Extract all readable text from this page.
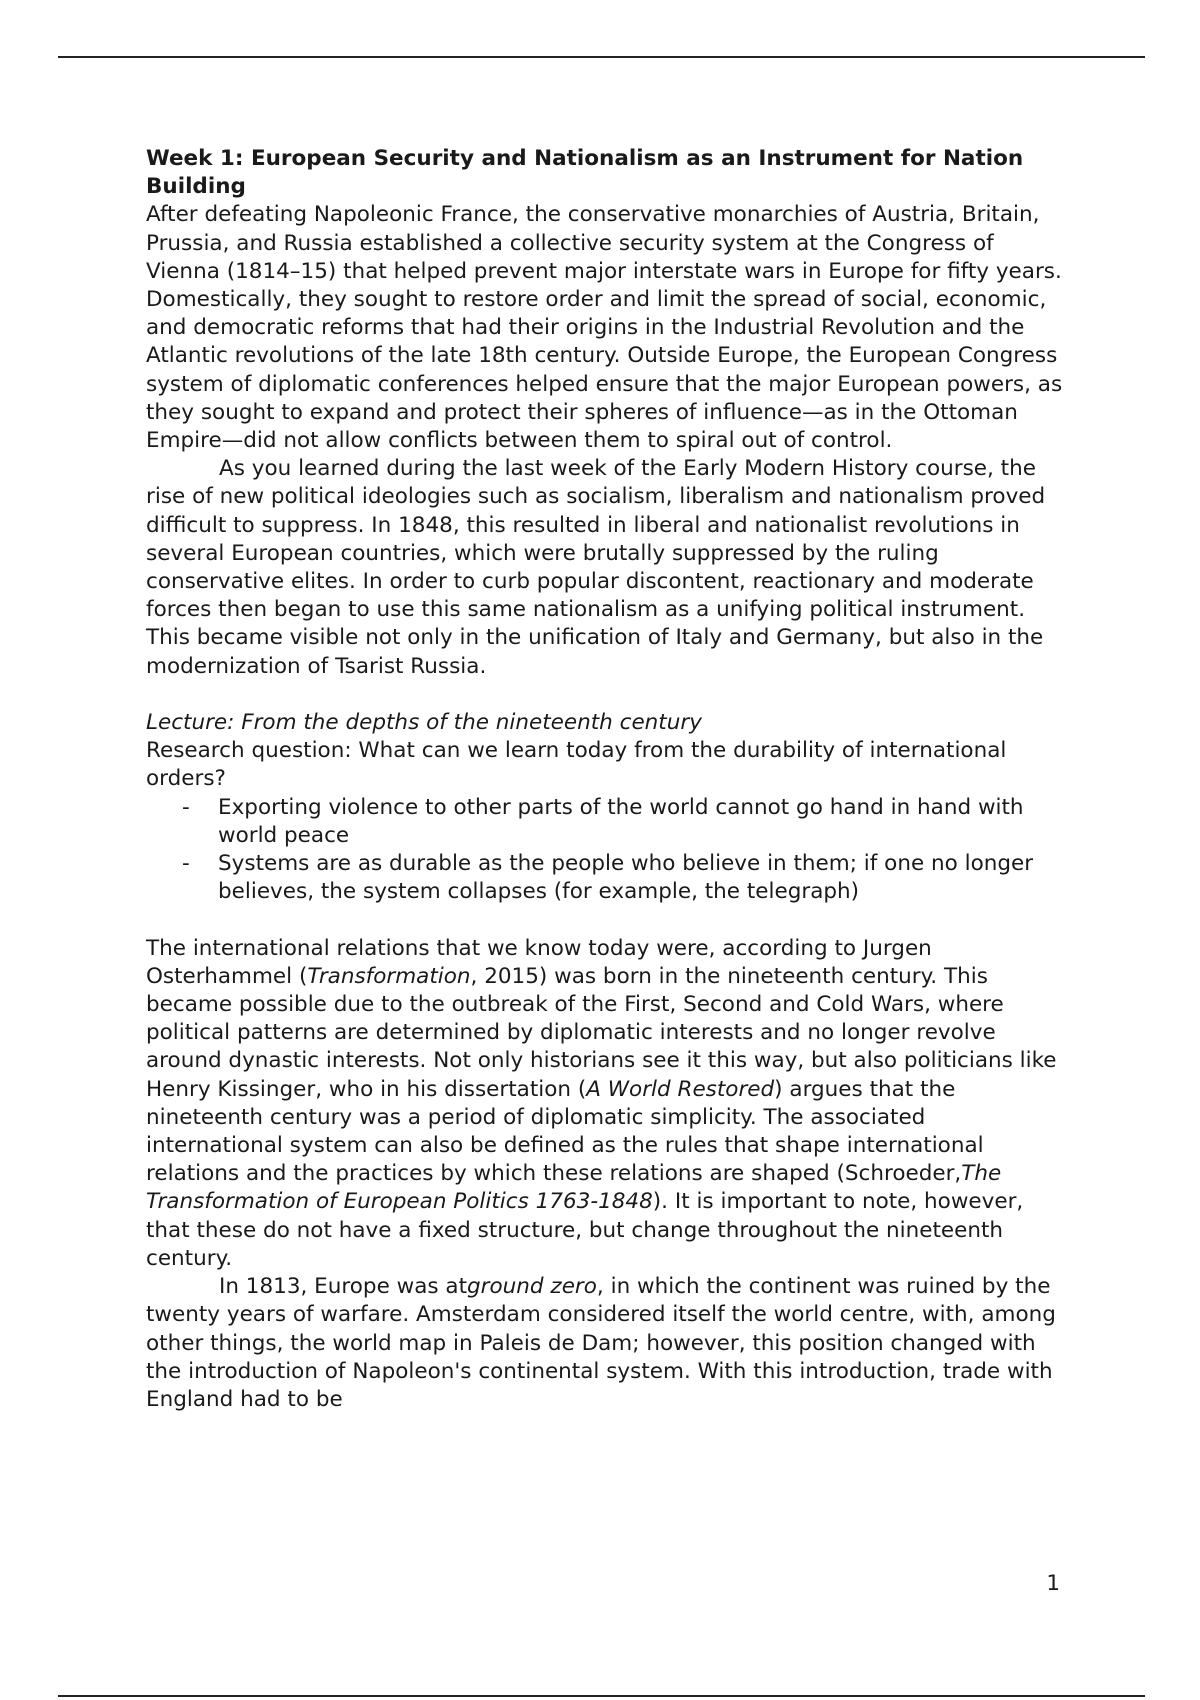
Week 1: European Security and Nationalism as an Instrument for Nation Building

After defeating Napoleonic France, the conservative monarchies of Austria, Britain, Prussia, and Russia established a collective security system at the Congress of Vienna (1814–15) that helped prevent major interstate wars in Europe for fifty years. Domestically, they sought to restore order and limit the spread of social, economic, and democratic reforms that had their origins in the Industrial Revolution and the Atlantic revolutions of the late 18th century. Outside Europe, the European Congress system of diplomatic conferences helped ensure that the major European powers, as they sought to expand and protect their spheres of influence—as in the Ottoman Empire—did not allow conflicts between them to spiral out of control.

As you learned during the last week of the Early Modern History course, the rise of new political ideologies such as socialism, liberalism and nationalism proved difficult to suppress. In 1848, this resulted in liberal and nationalist revolutions in several European countries, which were brutally suppressed by the ruling conservative elites. In order to curb popular discontent, reactionary and moderate forces then began to use this same nationalism as a unifying political instrument. This became visible not only in the unification of Italy and Germany, but also in the modernization of Tsarist Russia.

Lecture: From the depths of the nineteenth century

Research question: What can we learn today from the durability of international orders?

- Exporting violence to other parts of the world cannot go hand in hand with world peace
- Systems are as durable as the people who believe in them; if one no longer believes, the system collapses (for example, the telegraph)

The international relations that we know today were, according to Jurgen Osterhammel (Transformation, 2015) was born in the nineteenth century. This became possible due to the outbreak of the First, Second and Cold Wars, where political patterns are determined by diplomatic interests and no longer revolve around dynastic interests. Not only historians see it this way, but also politicians like Henry Kissinger, who in his dissertation (A World Restored) argues that the nineteenth century was a period of diplomatic simplicity. The associated international system can also be defined as the rules that shape international relations and the practices by which these relations are shaped (Schroeder,The Transformation of European Politics 1763-1848). It is important to note, however, that these do not have a fixed structure, but change throughout the nineteenth century.

In 1813, Europe was atground zero, in which the continent was ruined by the twenty years of warfare. Amsterdam considered itself the world centre, with, among other things, the world map in Paleis de Dam; however, this position changed with the introduction of Napoleon's continental system. With this introduction, trade with England had to be

1
